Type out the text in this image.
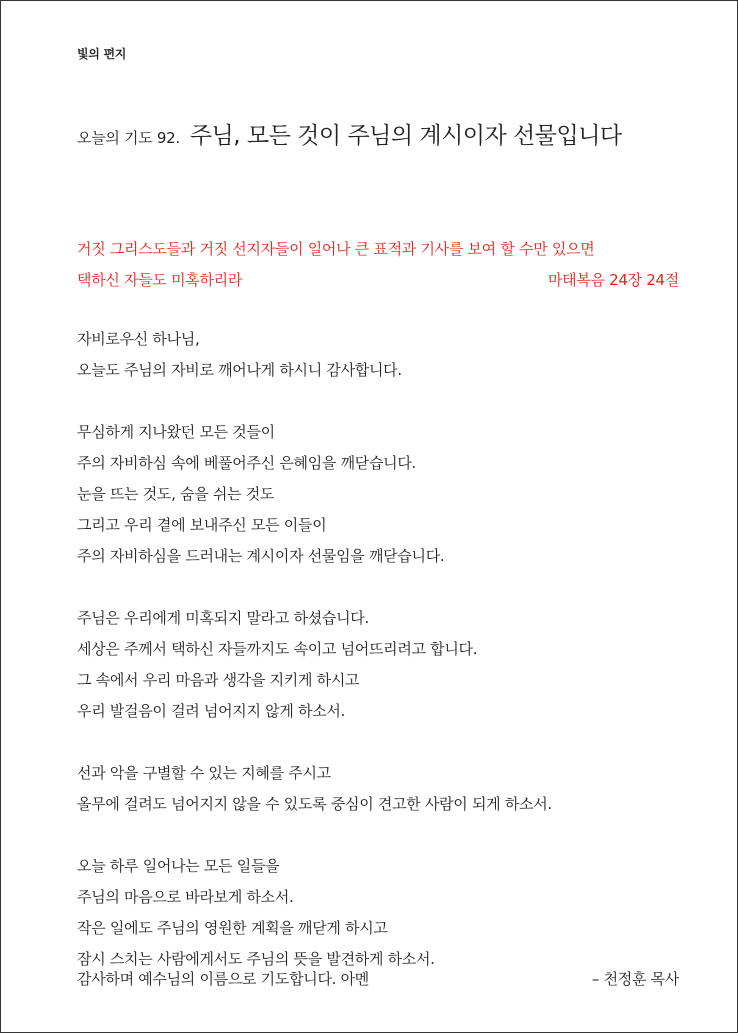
빛의 편지
오늘의 기도 92. 주님, 모든 것이 주님의 계시이자 선물입니다
거짓 그리스도들과 거짓 선지자들이 일어나 큰 표적과 기사를 보여 할 수만 있으면
택하신 자들도 미혹하리라	마태복음 24장 24절
자비로우신 하나님,
오늘도 주님의 자비로 깨어나게 하시니 감사합니다.
무심하게 지나왔던 모든 것들이
주의 자비하심 속에 베풀어주신 은혜임을 깨닫습니다.
눈을 뜨는 것도, 숨을 쉬는 것도
그리고 우리 곁에 보내주신 모든 이들이
주의 자비하심을 드러내는 계시이자 선물임을 깨닫습니다.
주님은 우리에게 미혹되지 말라고 하셨습니다.
세상은 주께서 택하신 자들까지도 속이고 넘어뜨리려고 합니다.
그 속에서 우리 마음과 생각을 지키게 하시고
우리 발걸음이 걸려 넘어지지 않게 하소서.
선과 악을 구별할 수 있는 지혜를 주시고
올무에 걸려도 넘어지지 않을 수 있도록 중심이 견고한 사람이 되게 하소서.
오늘 하루 일어나는 모든 일들을
주님의 마음으로 바라보게 하소서.
작은 일에도 주님의 영원한 계획을 깨닫게 하시고
잠시 스치는 사람에게서도 주님의 뜻을 발견하게 하소서.
감사하며 예수님의 이름으로 기도합니다. 아멘	– 천정훈 목사
